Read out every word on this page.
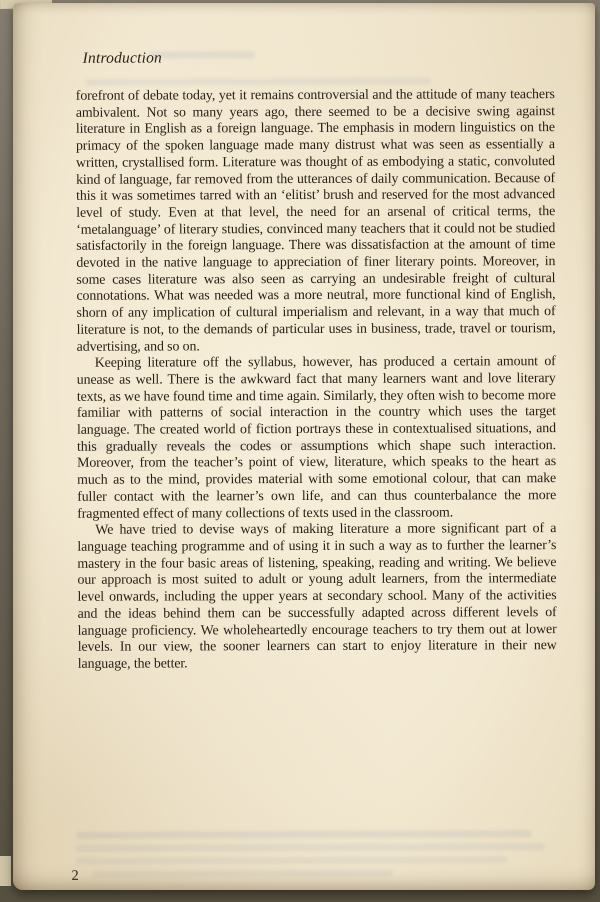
Introduction

forefront of debate today, yet it remains controversial and the attitude of many teachers ambivalent. Not so many years ago, there seemed to be a decisive swing against literature in English as a foreign language. The emphasis in modern linguistics on the primacy of the spoken language made many distrust what was seen as essentially a written, crystallised form. Literature was thought of as embodying a static, convoluted kind of language, far removed from the utterances of daily communication. Because of this it was sometimes tarred with an ‘elitist’ brush and reserved for the most advanced level of study. Even at that level, the need for an arsenal of critical terms, the ‘metalanguage’ of literary studies, convinced many teachers that it could not be studied satisfactorily in the foreign language. There was dissatisfaction at the amount of time devoted in the native language to appreciation of finer literary points. Moreover, in some cases literature was also seen as carrying an undesirable freight of cultural connotations. What was needed was a more neutral, more functional kind of English, shorn of any implication of cultural imperialism and relevant, in a way that much of literature is not, to the demands of particular uses in business, trade, travel or tourism, advertising, and so on.

Keeping literature off the syllabus, however, has produced a certain amount of unease as well. There is the awkward fact that many learners want and love literary texts, as we have found time and time again. Similarly, they often wish to become more familiar with patterns of social interaction in the country which uses the target language. The created world of fiction portrays these in contextualised situations, and this gradually reveals the codes or assumptions which shape such interaction. Moreover, from the teacher’s point of view, literature, which speaks to the heart as much as to the mind, provides material with some emotional colour, that can make fuller contact with the learner’s own life, and can thus counterbalance the more fragmented effect of many collections of texts used in the classroom.

We have tried to devise ways of making literature a more significant part of a language teaching programme and of using it in such a way as to further the learner’s mastery in the four basic areas of listening, speaking, reading and writing. We believe our approach is most suited to adult or young adult learners, from the intermediate level onwards, including the upper years at secondary school. Many of the activities and the ideas behind them can be successfully adapted across different levels of language proficiency. We wholeheartedly encourage teachers to try them out at lower levels. In our view, the sooner learners can start to enjoy literature in their new language, the better.

2
